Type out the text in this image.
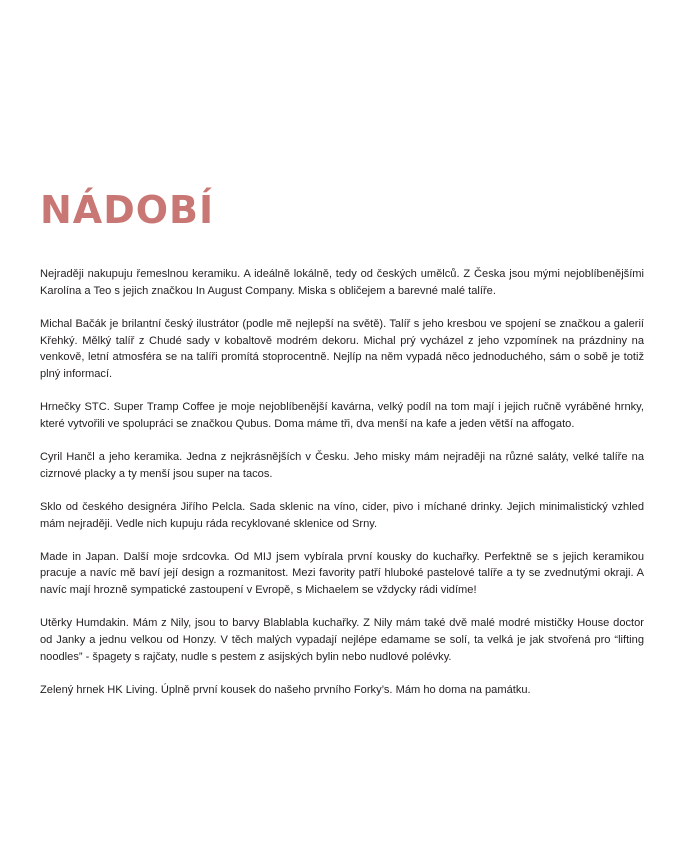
NÁDOBÍ

Nejraději nakupuju řemeslnou keramiku. A ideálně lokálně, tedy od českých umělců. Z Česka jsou mými nejoblíbenějšími Karolína a Teo s jejich značkou In August Company. Miska s obličejem a barevné malé talíře.

Michal Bačák je brilantní český ilustrátor (podle mě nejlepší na světě). Talíř s jeho kresbou ve spojení se značkou a galerií Křehký. Mělký talíř z Chudé sady v kobaltově modrém dekoru. Michal prý vycházel z jeho vzpomínek na prázdniny na venkově, letní atmosféra se na talíři promítá stoprocentně. Nejlíp na něm vypadá něco jednoduchého, sám o sobě je totiž plný informací.

Hrnečky STC. Super Tramp Coffee je moje nejoblíbenější kavárna, velký podíl na tom mají i jejich ručně vyráběné hrnky, které vytvořili ve spolupráci se značkou Qubus. Doma máme tři, dva menší na kafe a jeden větší na affogato.

Cyril Hančl a jeho keramika. Jedna z nejkrásnějších v Česku. Jeho misky mám nejraději na různé saláty, velké talíře na cizrnové placky a ty menší jsou super na tacos.

Sklo od českého designéra Jiřího Pelcla. Sada sklenic na víno, cider, pivo i míchané drinky. Jejich minimalistický vzhled mám nejraději. Vedle nich kupuju ráda recyklované sklenice od Srny.

Made in Japan. Další moje srdcovka. Od MIJ jsem vybírala první kousky do kuchařky. Perfektně se s jejich keramikou pracuje a navíc mě baví její design a rozmanitost. Mezi favority patří hluboké pastelové talíře a ty se zvednutými okraji. A navíc mají hrozně sympatické zastoupení v Evropě, s Michaelem se vždycky rádi vidíme!

Utěrky Humdakin. Mám z Nily, jsou to barvy Blablabla kuchařky. Z Nily mám také dvě malé modré mističky House doctor od Janky a jednu velkou od Honzy. V těch malých vypadají nejlépe edamame se solí, ta velká je jak stvořená pro “lifting noodles” - špagety s rajčaty, nudle s pestem z asijských bylin nebo nudlové polévky.

Zelený hrnek HK Living. Úplně první kousek do našeho prvního Forky’s. Mám ho doma na památku.
